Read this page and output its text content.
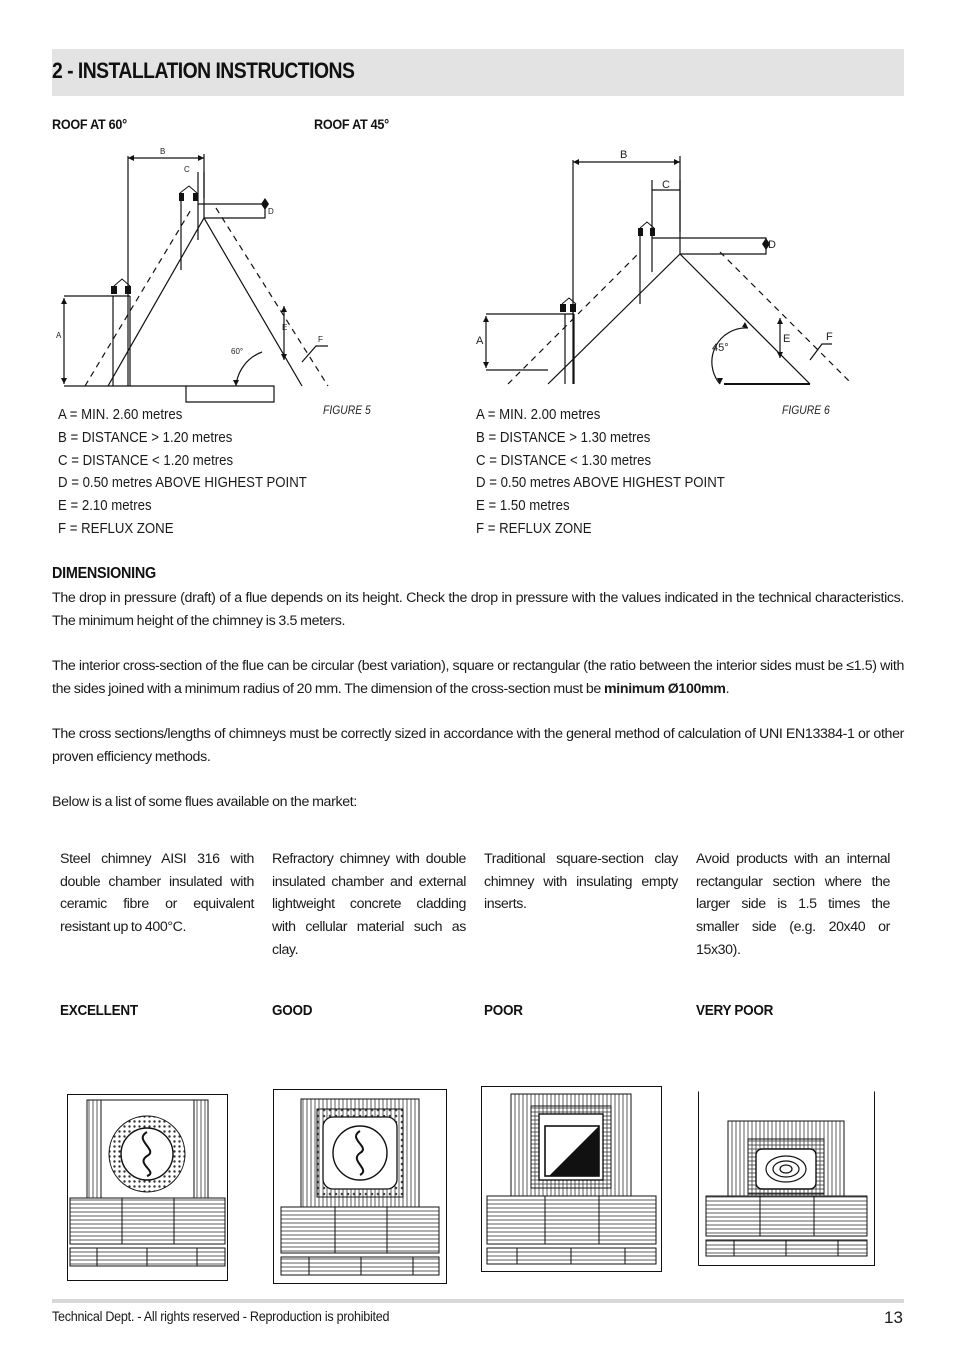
2 - INSTALLATION INSTRUCTIONS
ROOF AT 60°	ROOF AT 45°
B
C
D
A
E
F
60°
B
C
D
A	E	F
45°
FIGURE 5	FIGURE 6
A = MIN. 2.60 metres
B = DISTANCE > 1.20 metres
C = DISTANCE < 1.20 metres
D = 0.50 metres ABOVE HIGHEST POINT
E = 2.10 metres
F = REFLUX ZONE
A = MIN. 2.00 metres
B = DISTANCE > 1.30 metres
C = DISTANCE < 1.30 metres
D = 0.50 metres ABOVE HIGHEST POINT
E = 1.50 metres
F = REFLUX ZONE
DIMENSIONING
The drop in pressure (draft) of a flue depends on its height. Check the drop in pressure with the values indicated in the technical characteristics. The minimum height of the chimney is 3.5 meters.
The interior cross-section of the flue can be circular (best variation), square or rectangular (the ratio between the interior sides must be ≤1.5) with the sides joined with a minimum radius of 20 mm. The dimension of the cross-section must be minimum Ø100mm.
The cross sections/lengths of chimneys must be correctly sized in accordance with the general method of calculation of UNI EN13384-1 or other proven efficiency methods.
Below is a list of some flues available on the market:
Steel chimney AISI 316 with double chamber insulated with ceramic fibre or equivalent resistant up to 400°C.
Refractory chimney with double insulated chamber and external lightweight concrete cladding with cellular material such as clay.
Traditional square-section clay chimney with insulating empty inserts.
Avoid products with an internal rectangular section where the larger side is 1.5 times the smaller side (e.g. 20x40 or 15x30).
EXCELLENT	GOOD	POOR	VERY POOR
Technical Dept. - All rights reserved - Reproduction is prohibited	13
